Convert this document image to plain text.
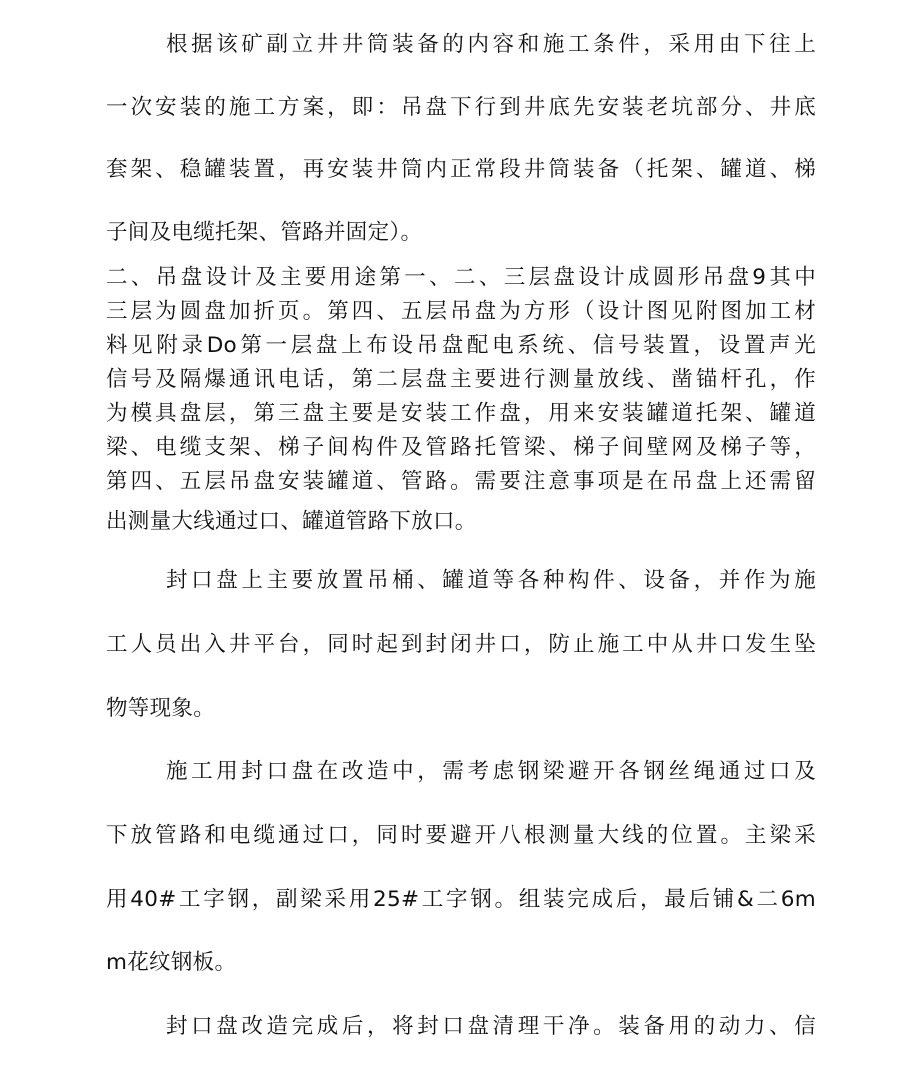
根据该矿副立井井筒装备的内容和施工条件，采用由下往上
一次安装的施工方案，即：吊盘下行到井底先安装老坑部分、井底
套架、稳罐装置，再安装井筒内正常段井筒装备（托架、罐道、梯
子间及电缆托架、管路并固定）。
二、吊盘设计及主要用途第一、二、三层盘设计成圆形吊盘9其中
三层为圆盘加折页。第四、五层吊盘为方形（设计图见附图加工材
料见附录Do第一层盘上布设吊盘配电系统、信号装置，设置声光
信号及隔爆通讯电话，第二层盘主要进行测量放线、凿锚杆孔，作
为模具盘层，第三盘主要是安装工作盘，用来安装罐道托架、罐道
梁、电缆支架、梯子间构件及管路托管梁、梯子间壁网及梯子等，
第四、五层吊盘安装罐道、管路。需要注意事项是在吊盘上还需留
出测量大线通过口、罐道管路下放口。
封口盘上主要放置吊桶、罐道等各种构件、设备，并作为施
工人员出入井平台，同时起到封闭井口，防止施工中从井口发生坠
物等现象。
施工用封口盘在改造中，需考虑钢梁避开各钢丝绳通过口及
下放管路和电缆通过口，同时要避开八根测量大线的位置。主梁采
用40#工字钢，副梁采用25#工字钢。组装完成后，最后铺&二6m
m花纹钢板。
封口盘改造完成后，将封口盘清理干净。装备用的动力、信
